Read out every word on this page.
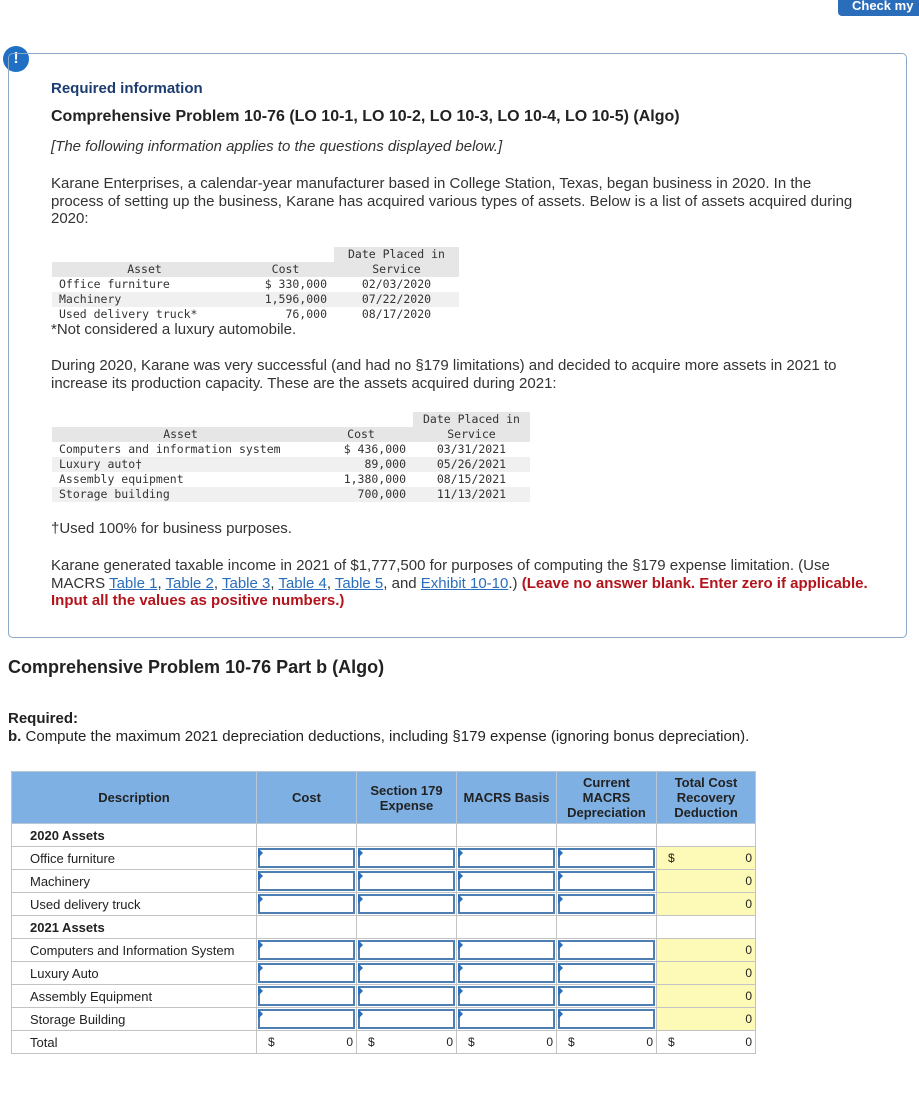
Check my
!
Required information
Comprehensive Problem 10-76 (LO 10-1, LO 10-2, LO 10-3, LO 10-4, LO 10-5) (Algo)
[The following information applies to the questions displayed below.]
Karane Enterprises, a calendar-year manufacturer based in College Station, Texas, began business in 2020. In the process of setting up the business, Karane has acquired various types of assets. Below is a list of assets acquired during 2020:
		Date Placed in
Asset	Cost	Service
Office furniture	$ 330,000	02/03/2020
Machinery	1,596,000	07/22/2020
Used delivery truck*	76,000	08/17/2020
*Not considered a luxury automobile.
During 2020, Karane was very successful (and had no §179 limitations) and decided to acquire more assets in 2021 to increase its production capacity. These are the assets acquired during 2021:
		Date Placed in
Asset	Cost	Service
Computers and information system	$ 436,000	03/31/2021
Luxury auto†	89,000	05/26/2021
Assembly equipment	1,380,000	08/15/2021
Storage building	700,000	11/13/2021
†Used 100% for business purposes.
Karane generated taxable income in 2021 of $1,777,500 for purposes of computing the §179 expense limitation. (Use MACRS Table 1, Table 2, Table 3, Table 4, Table 5, and Exhibit 10-10.) (Leave no answer blank. Enter zero if applicable. Input all the values as positive numbers.)
Comprehensive Problem 10-76 Part b (Algo)
Required:
b. Compute the maximum 2021 depreciation deductions, including §179 expense (ignoring bonus depreciation).
Description	Cost	Section 179 Expense	MACRS Basis	Current MACRS Depreciation	Total Cost Recovery Deduction
2020 Assets					
Office furniture					$ 0

Machinery					0

Used delivery truck					0

2021 Assets					
Computers and Information System					0

Luxury Auto					0

Assembly Equipment					0

Storage Building					0

Total	$ 0	$ 0	$ 0	$ 0	$ 0
